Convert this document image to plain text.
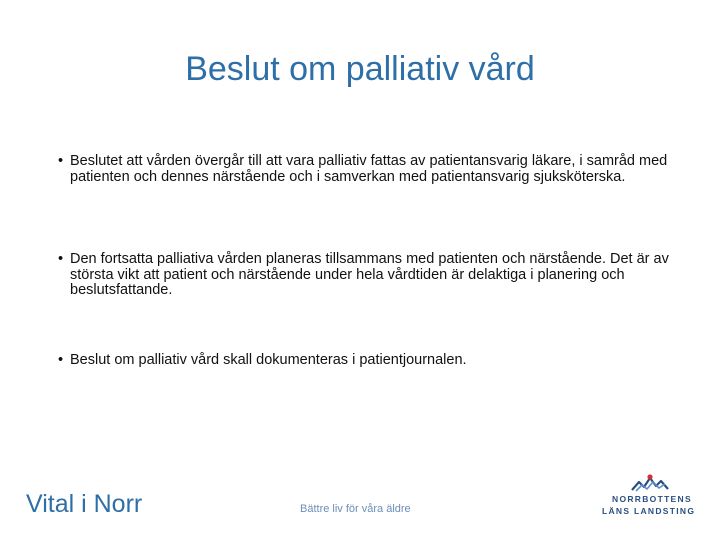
Beslut om palliativ vård
• Beslutet att vården övergår till att vara palliativ fattas av patientansvarig läkare, i samråd med patienten och dennes närstående och i samverkan med patientansvarig sjuksköterska.
• Den fortsatta palliativa vården planeras tillsammans med patienten och närstående. Det är av största vikt att patient och närstående under hela vårdtiden är delaktiga i planering och beslutsfattande.
• Beslut om palliativ vård skall dokumenteras i patientjournalen.
Vital i Norr	Bättre liv för våra äldre
NORRBOTTENS
LÄNS LANDSTING
